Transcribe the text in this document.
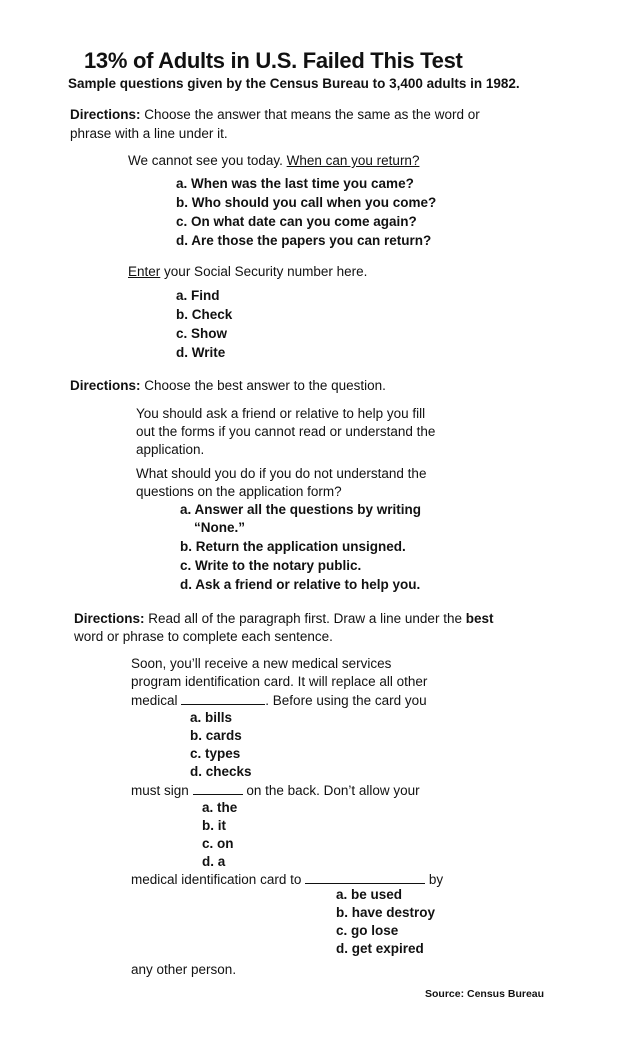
13% of Adults in U.S. Failed This Test
Sample questions given by the Census Bureau to 3,400 adults in 1982.
Directions: Choose the answer that means the same as the word or
phrase with a line under it.
We cannot see you today. When can you return?
a. When was the last time you came?
b. Who should you call when you come?
c. On what date can you come again?
d. Are those the papers you can return?
Enter your Social Security number here.
a. Find
b. Check
c. Show
d. Write
Directions: Choose the best answer to the question.
You should ask a friend or relative to help you fill
out the forms if you cannot read or understand the
application.
What should you do if you do not understand the
questions on the application form?
a. Answer all the questions by writing
“None.”
b. Return the application unsigned.
c. Write to the notary public.
d. Ask a friend or relative to help you.
Directions: Read all of the paragraph first. Draw a line under the best
word or phrase to complete each sentence.
Soon, you’ll receive a new medical services
program identification card. It will replace all other
medical	. Before using the card you
a. bills
b. cards
c. types
d. checks
must sign	on the back. Don’t allow your
a. the
b. it
c. on
d. a
medical identification card to	by
a. be used
b. have destroy
c. go lose
d. get expired
any other person.
Source: Census Bureau
